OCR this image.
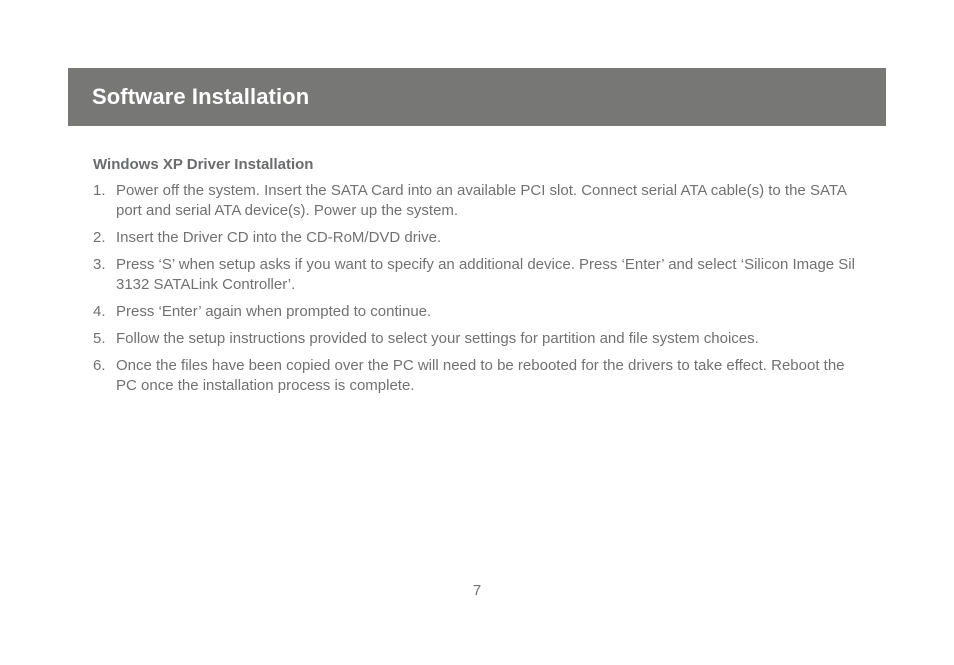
Software Installation
Windows XP Driver Installation
1. Power off the system. Insert the SATA Card into an available PCI slot. Connect serial ATA cable(s) to the SATA port and serial ATA device(s). Power up the system.
2. Insert the Driver CD into the CD-RoM/DVD drive.
3. Press ‘S’ when setup asks if you want to specify an additional device. Press ‘Enter’ and select ‘Silicon Image Sil 3132 SATALink Controller’.
4. Press ‘Enter’ again when prompted to continue.
5. Follow the setup instructions provided to select your settings for partition and file system choices.
6. Once the files have been copied over the PC will need to be rebooted for the drivers to take effect. Reboot the PC once the installation process is complete.
7
